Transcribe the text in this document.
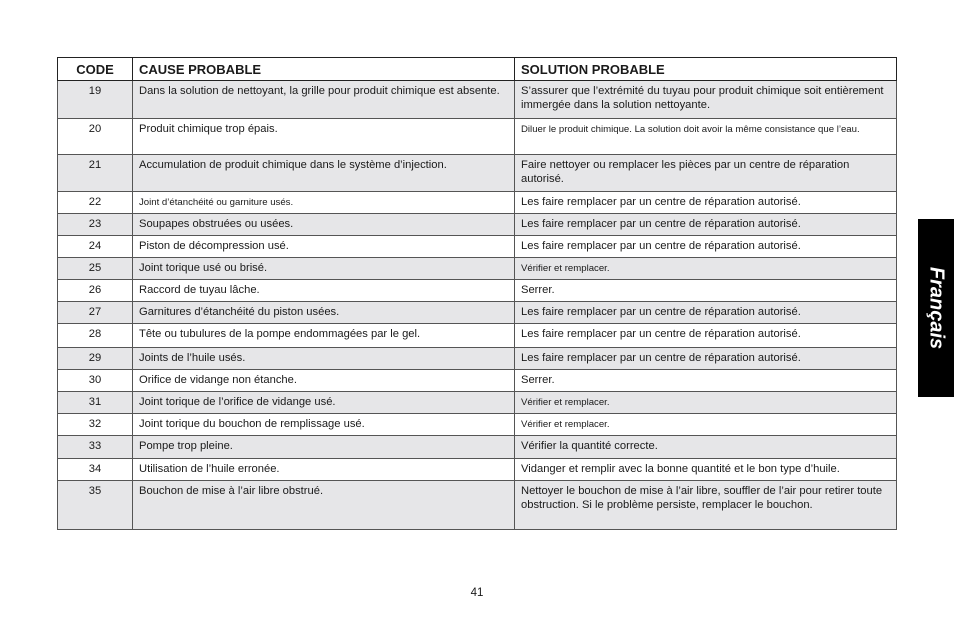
CODE	CAUSE PROBABLE	SOLUTION PROBABLE
19	Dans la solution de nettoyant, la grille pour produit chimique est absente.	S’assurer que l’extrémité du tuyau pour produit chimique soit entièrement immergée dans la solution nettoyante.
20	Produit chimique trop épais.	Diluer le produit chimique. La solution doit avoir la même consistance que l’eau.
21	Accumulation de produit chimique dans le système d’injection.	Faire nettoyer ou remplacer les pièces par un centre de réparation autorisé.
22	Joint d’étanchéité ou garniture usés.	Les faire remplacer par un centre de réparation autorisé.
23	Soupapes obstruées ou usées.	Les faire remplacer par un centre de réparation autorisé.
24	Piston de décompression usé.	Les faire remplacer par un centre de réparation autorisé.
25	Joint torique usé ou brisé.	Vérifier et remplacer.
26	Raccord de tuyau lâche.	Serrer.
27	Garnitures d’étanchéité du piston usées.	Les faire remplacer par un centre de réparation autorisé.
28	Tête ou tubulures de la pompe endommagées par le gel.	Les faire remplacer par un centre de réparation autorisé.
29	Joints de l’huile usés.	Les faire remplacer par un centre de réparation autorisé.
30	Orifice de vidange non étanche.	Serrer.
31	Joint torique de l’orifice de vidange usé.	Vérifier et remplacer.
32	Joint torique du bouchon de remplissage usé.	Vérifier et remplacer.
33	Pompe trop pleine.	Vérifier la quantité correcte.
34	Utilisation de l’huile erronée.	Vidanger et remplir avec la bonne quantité et le bon type d’huile.
35	Bouchon de mise à l’air libre obstrué.	Nettoyer le bouchon de mise à l’air libre, souffler de l’air pour retirer toute obstruction. Si le problème persiste, remplacer le bouchon.
Français
41
